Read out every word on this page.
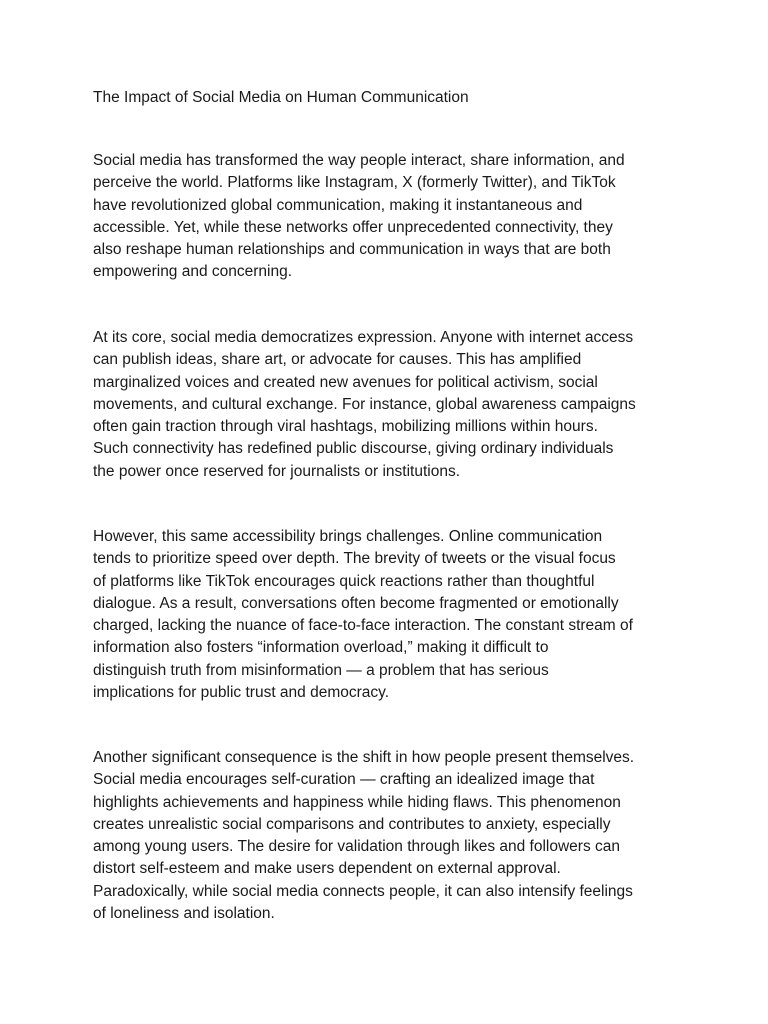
The Impact of Social Media on Human Communication

Social media has transformed the way people interact, share information, and
perceive the world. Platforms like Instagram, X (formerly Twitter), and TikTok
have revolutionized global communication, making it instantaneous and
accessible. Yet, while these networks offer unprecedented connectivity, they
also reshape human relationships and communication in ways that are both
empowering and concerning.
At its core, social media democratizes expression. Anyone with internet access
can publish ideas, share art, or advocate for causes. This has amplified
marginalized voices and created new avenues for political activism, social
movements, and cultural exchange. For instance, global awareness campaigns
often gain traction through viral hashtags, mobilizing millions within hours.
Such connectivity has redefined public discourse, giving ordinary individuals
the power once reserved for journalists or institutions.
However, this same accessibility brings challenges. Online communication
tends to prioritize speed over depth. The brevity of tweets or the visual focus
of platforms like TikTok encourages quick reactions rather than thoughtful
dialogue. As a result, conversations often become fragmented or emotionally
charged, lacking the nuance of face-to-face interaction. The constant stream of
information also fosters “information overload,” making it difficult to
distinguish truth from misinformation — a problem that has serious
implications for public trust and democracy.
Another significant consequence is the shift in how people present themselves.
Social media encourages self-curation — crafting an idealized image that
highlights achievements and happiness while hiding flaws. This phenomenon
creates unrealistic social comparisons and contributes to anxiety, especially
among young users. The desire for validation through likes and followers can
distort self-esteem and make users dependent on external approval.
Paradoxically, while social media connects people, it can also intensify feelings
of loneliness and isolation.
